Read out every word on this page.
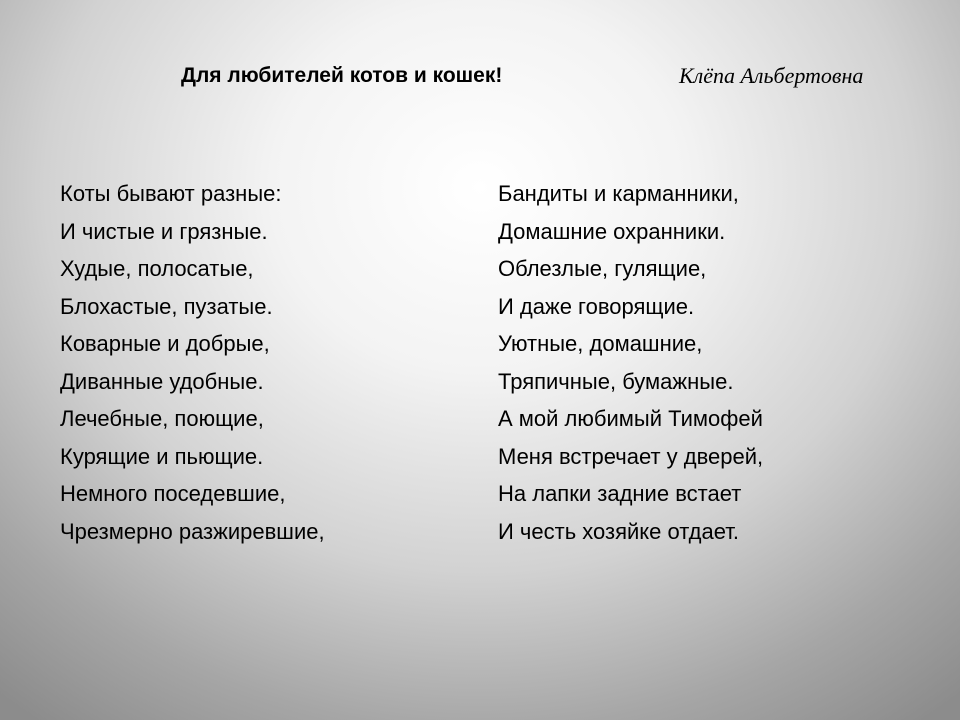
Для любителей котов и кошек!	Клёпа Альбертовна
Коты бывают разные:
И чистые и грязные.
Худые, полосатые,
Блохастые, пузатые.
Коварные и добрые,
Диванные удобные.
Лечебные, поющие,
Курящие и пьющие.
Немного поседевшие,
Чрезмерно разжиревшие,
Бандиты и карманники,
Домашние охранники.
Облезлые, гулящие,
И даже говорящие.
Уютные, домашние,
Тряпичные, бумажные.
А мой любимый Тимофей
Меня встречает у дверей,
На лапки задние встает
И честь хозяйке отдает.
